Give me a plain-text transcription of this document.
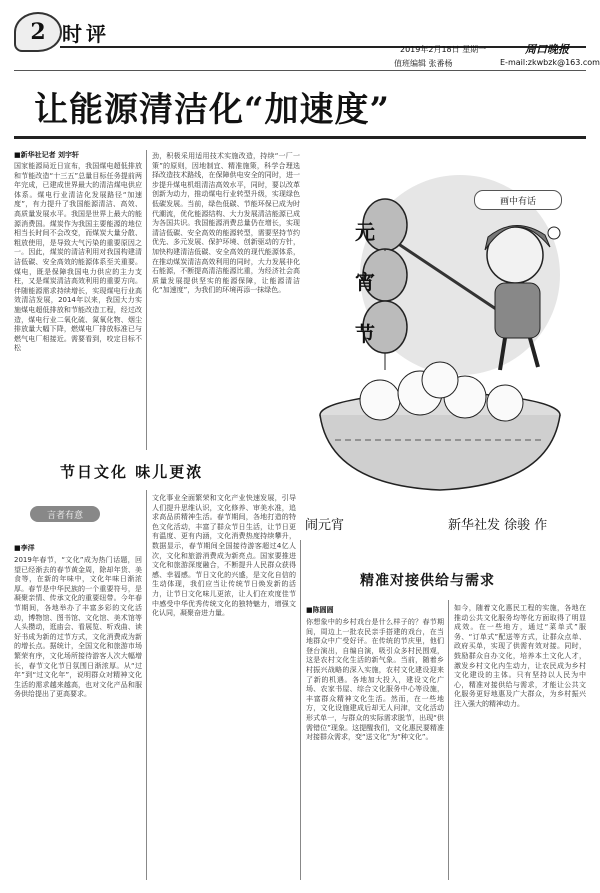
2 时评
2019年2月18日 星期一	周口晚报
值班编辑 张番杨	E-mail:zkwbzk@163.com
让能源清洁化“加速度”
■新华社记者 刘宇轩
国家能源局近日宣布，我国煤电超低排放和节能改造“十三五”总量目标任务提前两年完成，已建成世界最大的清洁煤电供应体系。煤电行业清洁化发展路径“加速度”，有力提升了我国能源清洁、高效、高质量发展水平。我国是世界上最大的能源消费国。煤炭作为我国主要能源的地位相当长时间不会改变，而煤炭大量分散、粗放使用，是导致大气污染的重要原因之一。因此，煤炭的清洁利用对我国构建清洁低碳、安全高效的能源体系至关重要。煤电，既是保障我国电力供应的主力支柱，又是煤炭清洁高效利用的重要方向。伴随能源需求持续增长，实现煤电行业高效清洁发展，2014年以来，我国大力实施煤电超低排放和节能改造工程，经过改造，煤电行业二氧化硫、氮氧化物、烟尘排放量大幅下降，燃煤电厂排放标准已与燃气电厂相接近。需要看到，咬定目标不松
劲，积极采用适用技术实施改造，持续“一厂一策”的原则，因地制宜、精准施策，科学合理选择改造技术路线，在保障供电安全的同时，进一步提升煤电机组清洁高效水平，同时，要以改革创新为动力，推动煤电行业转型升级，实现绿色低碳发展。当前，绿色低碳、节能环保已成为时代潮流，优化能源结构、大力发展清洁能源已成为各国共识。我国能源消费总量仍在增长，实现清洁低碳、安全高效的能源转型，需要坚持节约优先、多元发展、保护环境、创新驱动的方针，加快构建清洁低碳、安全高效的现代能源体系，在推动煤炭清洁高效利用的同时，大力发展非化石能源，不断提高清洁能源比重，为经济社会高质量发展提供坚实的能源保障，让能源清洁化“加速度”，为我们的环境再添一抹绿色。
元
宵
节
画中有话
闹元宵	新华社发 徐骏 作
节日文化 味儿更浓
言者有意
■李洋
2019年春节，“文化”成为热门话题，回望已经渐去的春节黄金周，除却年货、美食等，在新的年味中，文化年味日渐浓厚。春节是中华民族的一个重要符号，是凝聚亲情、传承文化的重要纽带。今年春节期间，各地举办了丰富多彩的文化活动，博物馆、图书馆、文化馆、美术馆等人头攒动，逛庙会、看展览、听戏曲、读好书成为新的过节方式，文化消费成为新的增长点。据统计，全国文化和旅游市场繁荣有序，文化场所接待游客人次大幅增长，春节文化节日氛围日渐浓厚。从“过年”到“过文化年”，说明群众对精神文化生活的需求越来越高，也对文化产品和服务供给提出了更高要求。
文化事业全面繁荣和文化产业快速发展，引导人们提升思维认识，文化修养、审美水准，追求高品质精神生活。春节期间，各地打造的特色文化活动，丰富了群众节日生活，让节日更有温度、更有内涵，文化消费热度持续攀升，数据显示，春节期间全国接待游客超过4亿人次，文化和旅游消费成为新亮点。国家要推进文化和旅游深度融合，不断提升人民群众获得感、幸福感。节日文化的兴盛，是文化自信的生动体现，我们应当让传统节日焕发新的活力，让节日文化味儿更浓，让人们在欢度佳节中感受中华优秀传统文化的独特魅力，增强文化认同，凝聚奋进力量。
精准对接供给与需求
■陈圆圆
你想象中的乡村戏台是什么样子的？春节期间，周边上一批农民亲手搭建的戏台，在当地群众中广受好评。在传统的节庆里，他们登台演出，自编自演，吸引众多村民围观，这是农村文化生活的新气象。当前，随着乡村振兴战略的深入实施，农村文化建设迎来了新的机遇。各地加大投入，建设文化广场、农家书屋、综合文化服务中心等设施，丰富群众精神文化生活。然而，在一些地方，文化设施建成后却无人问津，文化活动形式单一，与群众的实际需求脱节，出现“供需错位”现象。这提醒我们，文化惠民要精准对接群众需求，变“送文化”为“种文化”。
如今，随着文化惠民工程的实施，各地在推动公共文化服务均等化方面取得了明显成效。在一些地方，通过“菜单式”服务、“订单式”配送等方式，让群众点单、政府买单，实现了供需有效对接。同时，鼓励群众自办文化，培养本土文化人才，激发乡村文化内生动力，让农民成为乡村文化建设的主体。只有坚持以人民为中心，精准对接供给与需求，才能让公共文化服务更好地惠及广大群众，为乡村振兴注入强大的精神动力。
